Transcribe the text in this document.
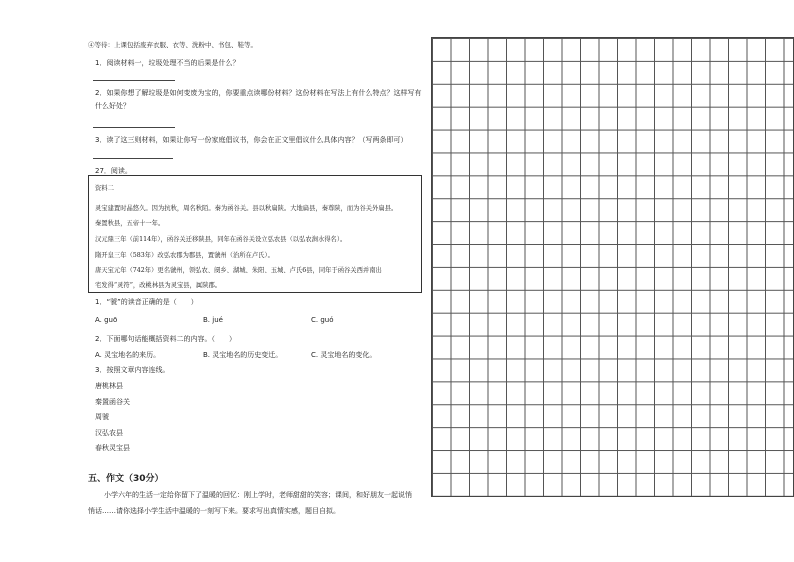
④等待：上课包括废弃衣服、衣等、洗粉中、书包、鞋等。
1．阅读材料一，垃圾处理不当的后果是什么？
2．如果你想了解垃圾是如何变废为宝的，你要重点读哪份材料？这份材料在写法上有什么特点？这样写有
什么好处？
3．读了这三则材料，如果让你写一份家庭倡议书，你会在正文里倡议什么具体内容？（写两条即可）
27．阅读。
资料二
灵宝建置时晶悠久。因为抗秋，周名秋陌。秦为函谷关。县以秋扁陕。大地扁县，秦尊陕，而为谷关外扁县。
秦置秋县，五帝十一年。
汉元鼎三年（前114年），函谷关迁移陕县，同年在函谷关设立弘农县（以弘农涧水得名）。
隋开皇三年（583年）改弘农郡为郡县，置虢州（治所在卢氏）。
唐天宝元年（742年）更名虢州，领弘农、阌乡、湖城、朱阳、玉城、卢氏6县，同年于函谷关西并南出
宅发得“灵符”，改桃林县为灵宝县，属陕郡。
1．“虢”的读音正确的是（　　）
A. guō	B. jué	C. guó
2．下面哪句话能概括资料二的内容。（　　）
A. 灵宝地名的来历。	B. 灵宝地名的历史变迁。	C. 灵宝地名的变化。
3．按照文章内容连线。
唐桃林县
秦置函谷关
周虢
汉弘农县
春秋灵宝县
五、作文（30分）
小学六年的生活一定给你留下了温暖的回忆：刚上学时，老师甜甜的笑容；课间，和好朋友一起说悄
悄话……请你选择小学生活中温暖的一刻写下来。要求写出真情实感，题目自拟。
